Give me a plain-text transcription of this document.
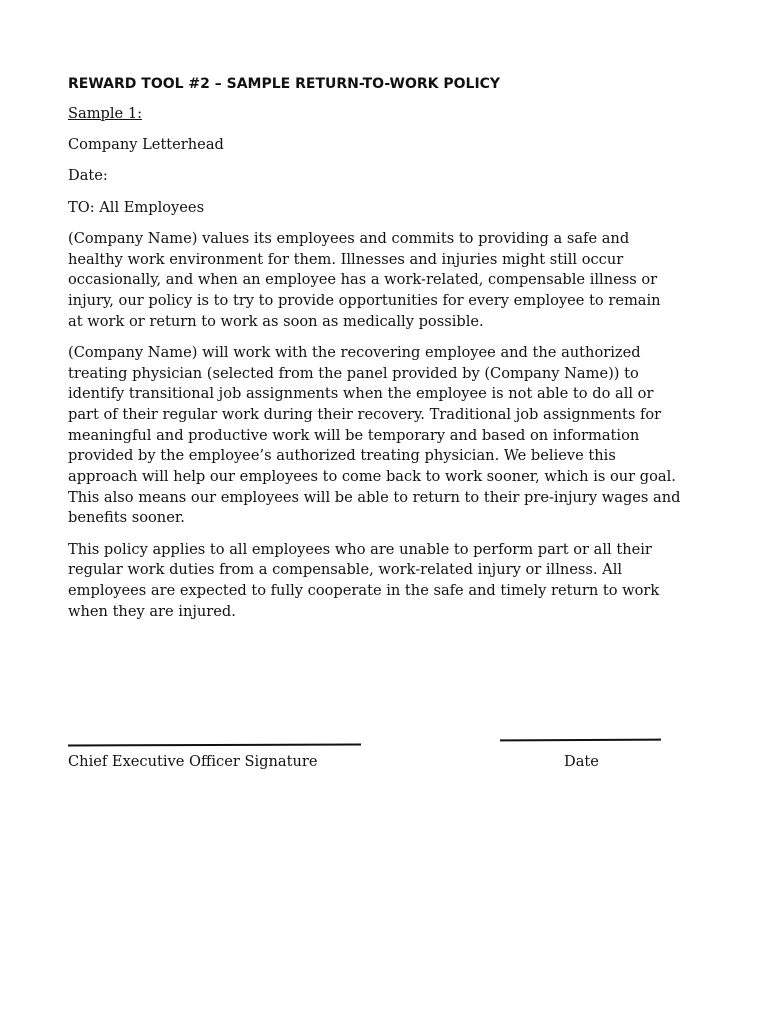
REWARD TOOL #2 – SAMPLE RETURN-TO-WORK POLICY
Sample 1:
Company Letterhead
Date:
TO: All Employees
(Company Name) values its employees and commits to providing a safe and
healthy work environment for them. Illnesses and injuries might still occur
occasionally, and when an employee has a work-related, compensable illness or
injury, our policy is to try to provide opportunities for every employee to remain
at work or return to work as soon as medically possible.
(Company Name) will work with the recovering employee and the authorized
treating physician (selected from the panel provided by (Company Name)) to
identify transitional job assignments when the employee is not able to do all or
part of their regular work during their recovery. Traditional job assignments for
meaningful and productive work will be temporary and based on information
provided by the employee’s authorized treating physician. We believe this
approach will help our employees to come back to work sooner, which is our goal.
This also means our employees will be able to return to their pre-injury wages and
benefits sooner.
This policy applies to all employees who are unable to perform part or all their
regular work duties from a compensable, work-related injury or illness. All
employees are expected to fully cooperate in the safe and timely return to work
when they are injured.
Chief Executive Officer Signature	Date
